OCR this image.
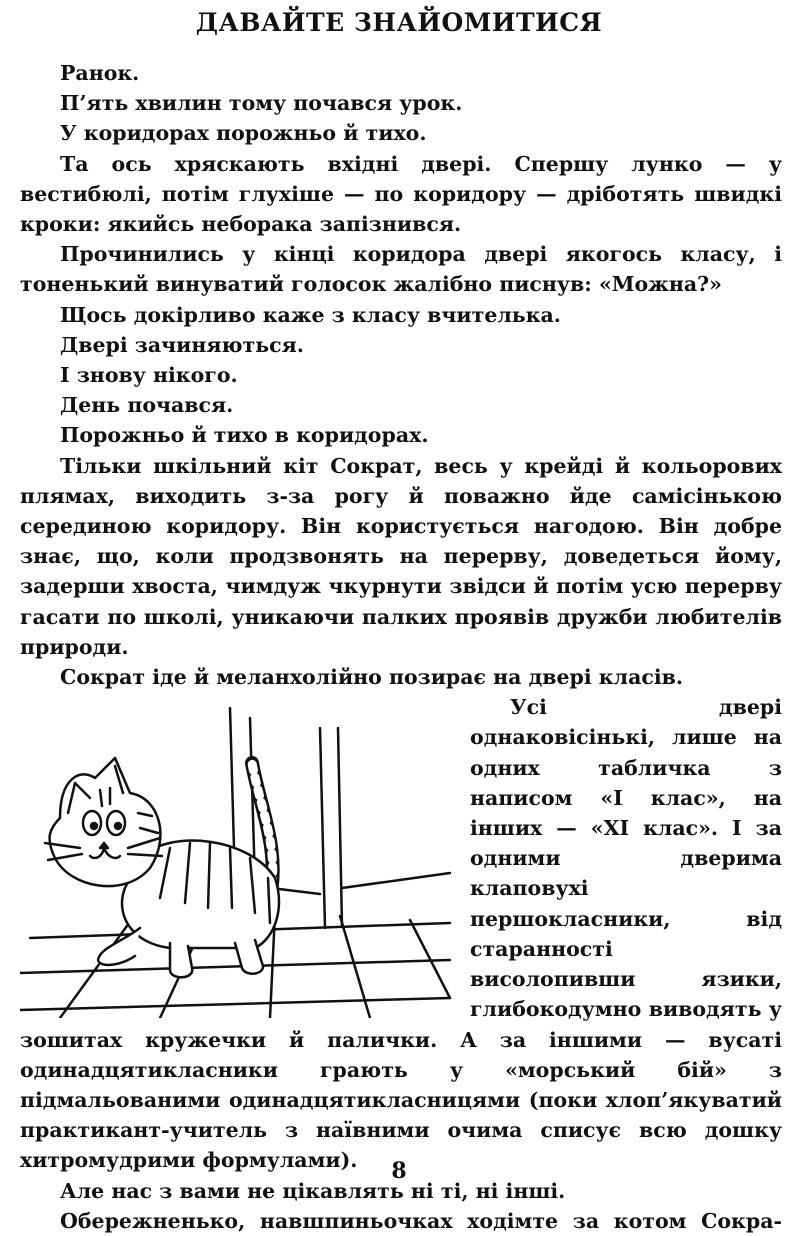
ДАВАЙТЕ ЗНАЙОМИТИСЯ

Ранок.

П’ять хвилин тому почався урок.

У коридорах порожньо й тихо.

Та ось хряскають вхідні двері. Спершу лунко — у вестибюлі, потім глухіше — по коридору — дріботять швидкі кроки: якийсь неборака запізнився.

Прочинились у кінці коридора двері якогось класу, і тоненький винуватий голосок жалібно писнув: «Можна?»

Щось докірливо каже з класу вчителька.

Двері зачиняються.

І знову нікого.

День почався.

Порожньо й тихо в коридорах.

Тільки шкільний кіт Сократ, весь у крейді й кольорових плямах, виходить з-за рогу й поважно йде самісінькою серединою коридору. Він користується нагодою. Він добре знає, що, коли продзвонять на перерву, доведеться йому, задерши хвоста, чимдуж чкурнути звідси й потім усю перерву гасати по школі, уникаючи палких проявів дружби любителів природи.

Сократ іде й меланхолійно позирає на двері класів.

Усі двері однаковісінькі, лише на одних табличка з написом «І клас», на інших — «ХІ клас». І за одними дверима клаповухі першокласники, від старанності висолопивши язики, глибокодумно виводять у зошитах кружечки й палички. А за іншими — вусаті одинадцятикласники грають у «морський бій» з підмальованими одинадцятикласницями (поки хлоп’якуватий практикант-учитель з наївними очима списує всю дошку хитромудрими формулами).

Але нас з вами не цікавлять ні ті, ні інші.

Обережненько, навшпиньочках ходімте за котом Сокра-

8
